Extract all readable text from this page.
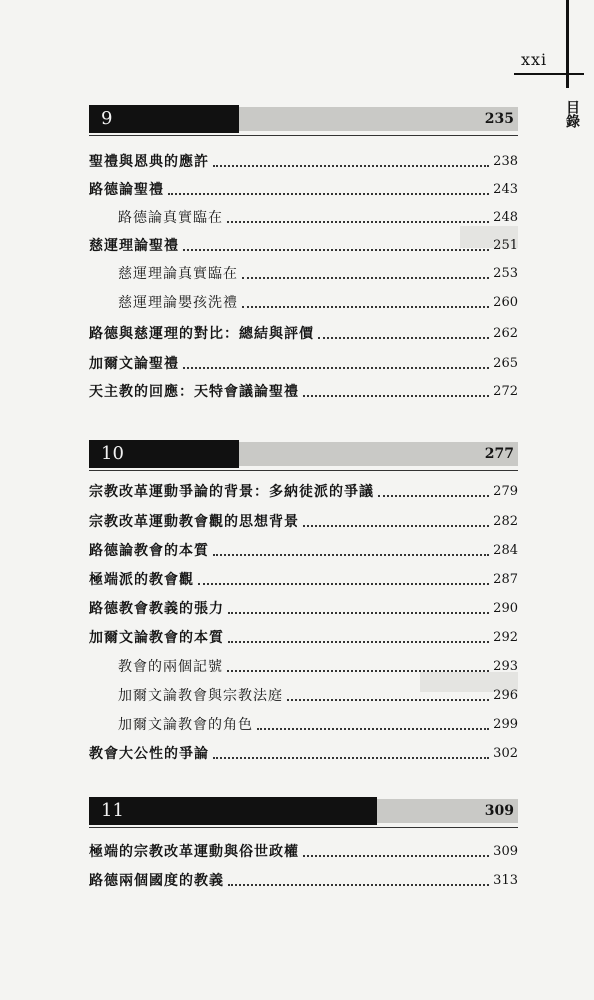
xxi
目錄
9	235
聖禮與恩典的應許	238
路德論聖禮	243
路德論真實臨在	248
慈運理論聖禮	251
慈運理論真實臨在	253
慈運理論嬰孩洗禮	260
路德與慈運理的對比：總結與評價	262
加爾文論聖禮	265
天主教的回應：天特會議論聖禮	272
10	277
宗教改革運動爭論的背景：多納徒派的爭議	279
宗教改革運動教會觀的思想背景	282
路德論教會的本質	284
極端派的教會觀	287
路德教會教義的張力	290
加爾文論教會的本質	292
教會的兩個記號	293
加爾文論教會與宗教法庭	296
加爾文論教會的角色	299
教會大公性的爭論	302
11	309
極端的宗教改革運動與俗世政權	309
路德兩個國度的教義	313
